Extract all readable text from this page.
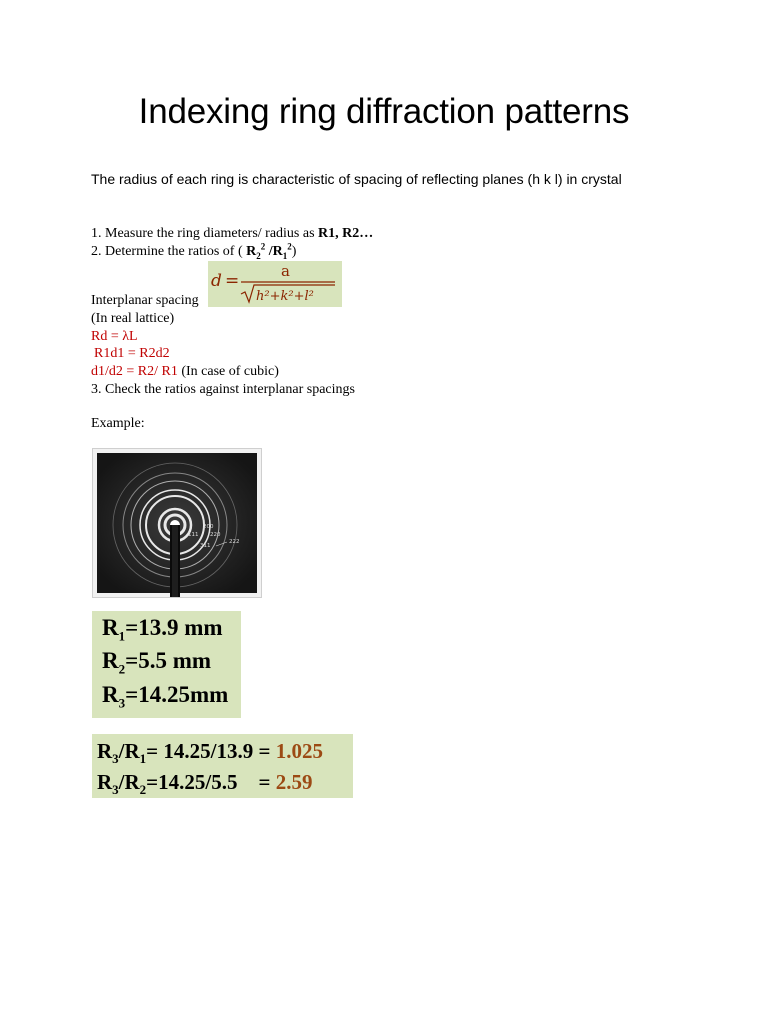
Indexing ring diffraction patterns
The radius of each ring is characteristic of spacing of reflecting planes (h k l) in crystal
1. Measure the ring diameters/ radius as R1, R2…
2. Determine the ratios of ( $R_2^2$ $/R_1^2$)
d =	a
h²+k²+l²
Interplanar spacing
(In real lattice)
Rd = λL
R1d1 = R2d2
d1/d2 = R2/ R1 (In case of cubic)
3. Check the ratios against interplanar spacings
Example:
200
111 220
311
222
$R_1=13.9$ mm
$R_2=5.5$ mm
$R_3=14.25mm$
$R_3/R_1= 14.25/13.9 = 1.025$
$R_3/R_2=14.25/5.5$    = 2.59
